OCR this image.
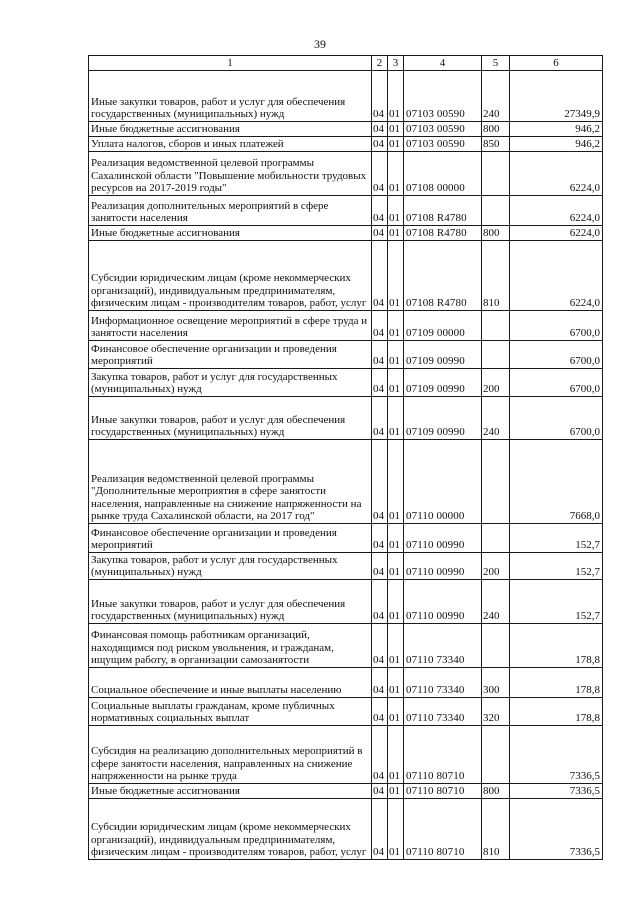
39
1	2	3	4	5	6
Иные закупки товаров, работ и услуг для обеспечения государственных (муниципальных) нужд	04	01	07103 00590	240	27349,9
Иные бюджетные ассигнования	04	01	07103 00590	800	946,2
Уплата налогов, сборов и иных платежей	04	01	07103 00590	850	946,2
Реализация ведомственной целевой программы Сахалинской области "Повышение мобильности трудовых ресурсов на 2017-2019 годы"	04	01	07108 00000		6224,0
Реализация дополнительных мероприятий в сфере занятости населения	04	01	07108 R4780		6224,0
Иные бюджетные ассигнования	04	01	07108 R4780	800	6224,0
Субсидии юридическим лицам (кроме некоммерческих организаций), индивидуальным предпринимателям, физическим лицам - производителям товаров, работ, услуг	04	01	07108 R4780	810	6224,0
Информационное освещение мероприятий в сфере труда и занятости населения	04	01	07109 00000		6700,0
Финансовое обеспечение организации и проведения мероприятий	04	01	07109 00990		6700,0
Закупка товаров, работ и услуг для государственных (муниципальных) нужд	04	01	07109 00990	200	6700,0
Иные закупки товаров, работ и услуг для обеспечения государственных (муниципальных) нужд	04	01	07109 00990	240	6700,0
Реализация ведомственной целевой программы "Дополнительные мероприятия в сфере занятости населения, направленные на снижение напряженности на рынке труда Сахалинской области, на 2017 год"	04	01	07110 00000		7668,0
Финансовое обеспечение организации и проведения мероприятий	04	01	07110 00990		152,7
Закупка товаров, работ и услуг для государственных (муниципальных) нужд	04	01	07110 00990	200	152,7
Иные закупки товаров, работ и услуг для обеспечения государственных (муниципальных) нужд	04	01	07110 00990	240	152,7
Финансовая помощь работникам организаций, находящимся под риском увольнения, и гражданам, ищущим работу, в организации самозанятости	04	01	07110 73340		178,8
Социальное обеспечение и иные выплаты населению	04	01	07110 73340	300	178,8
Социальные выплаты гражданам, кроме публичных нормативных социальных выплат	04	01	07110 73340	320	178,8
Субсидия на реализацию дополнительных мероприятий в сфере занятости населения, направленных на снижение напряженности на рынке труда	04	01	07110 80710		7336,5
Иные бюджетные ассигнования	04	01	07110 80710	800	7336,5
Субсидии юридическим лицам (кроме некоммерческих организаций), индивидуальным предпринимателям, физическим лицам - производителям товаров, работ, услуг	04	01	07110 80710	810	7336,5
